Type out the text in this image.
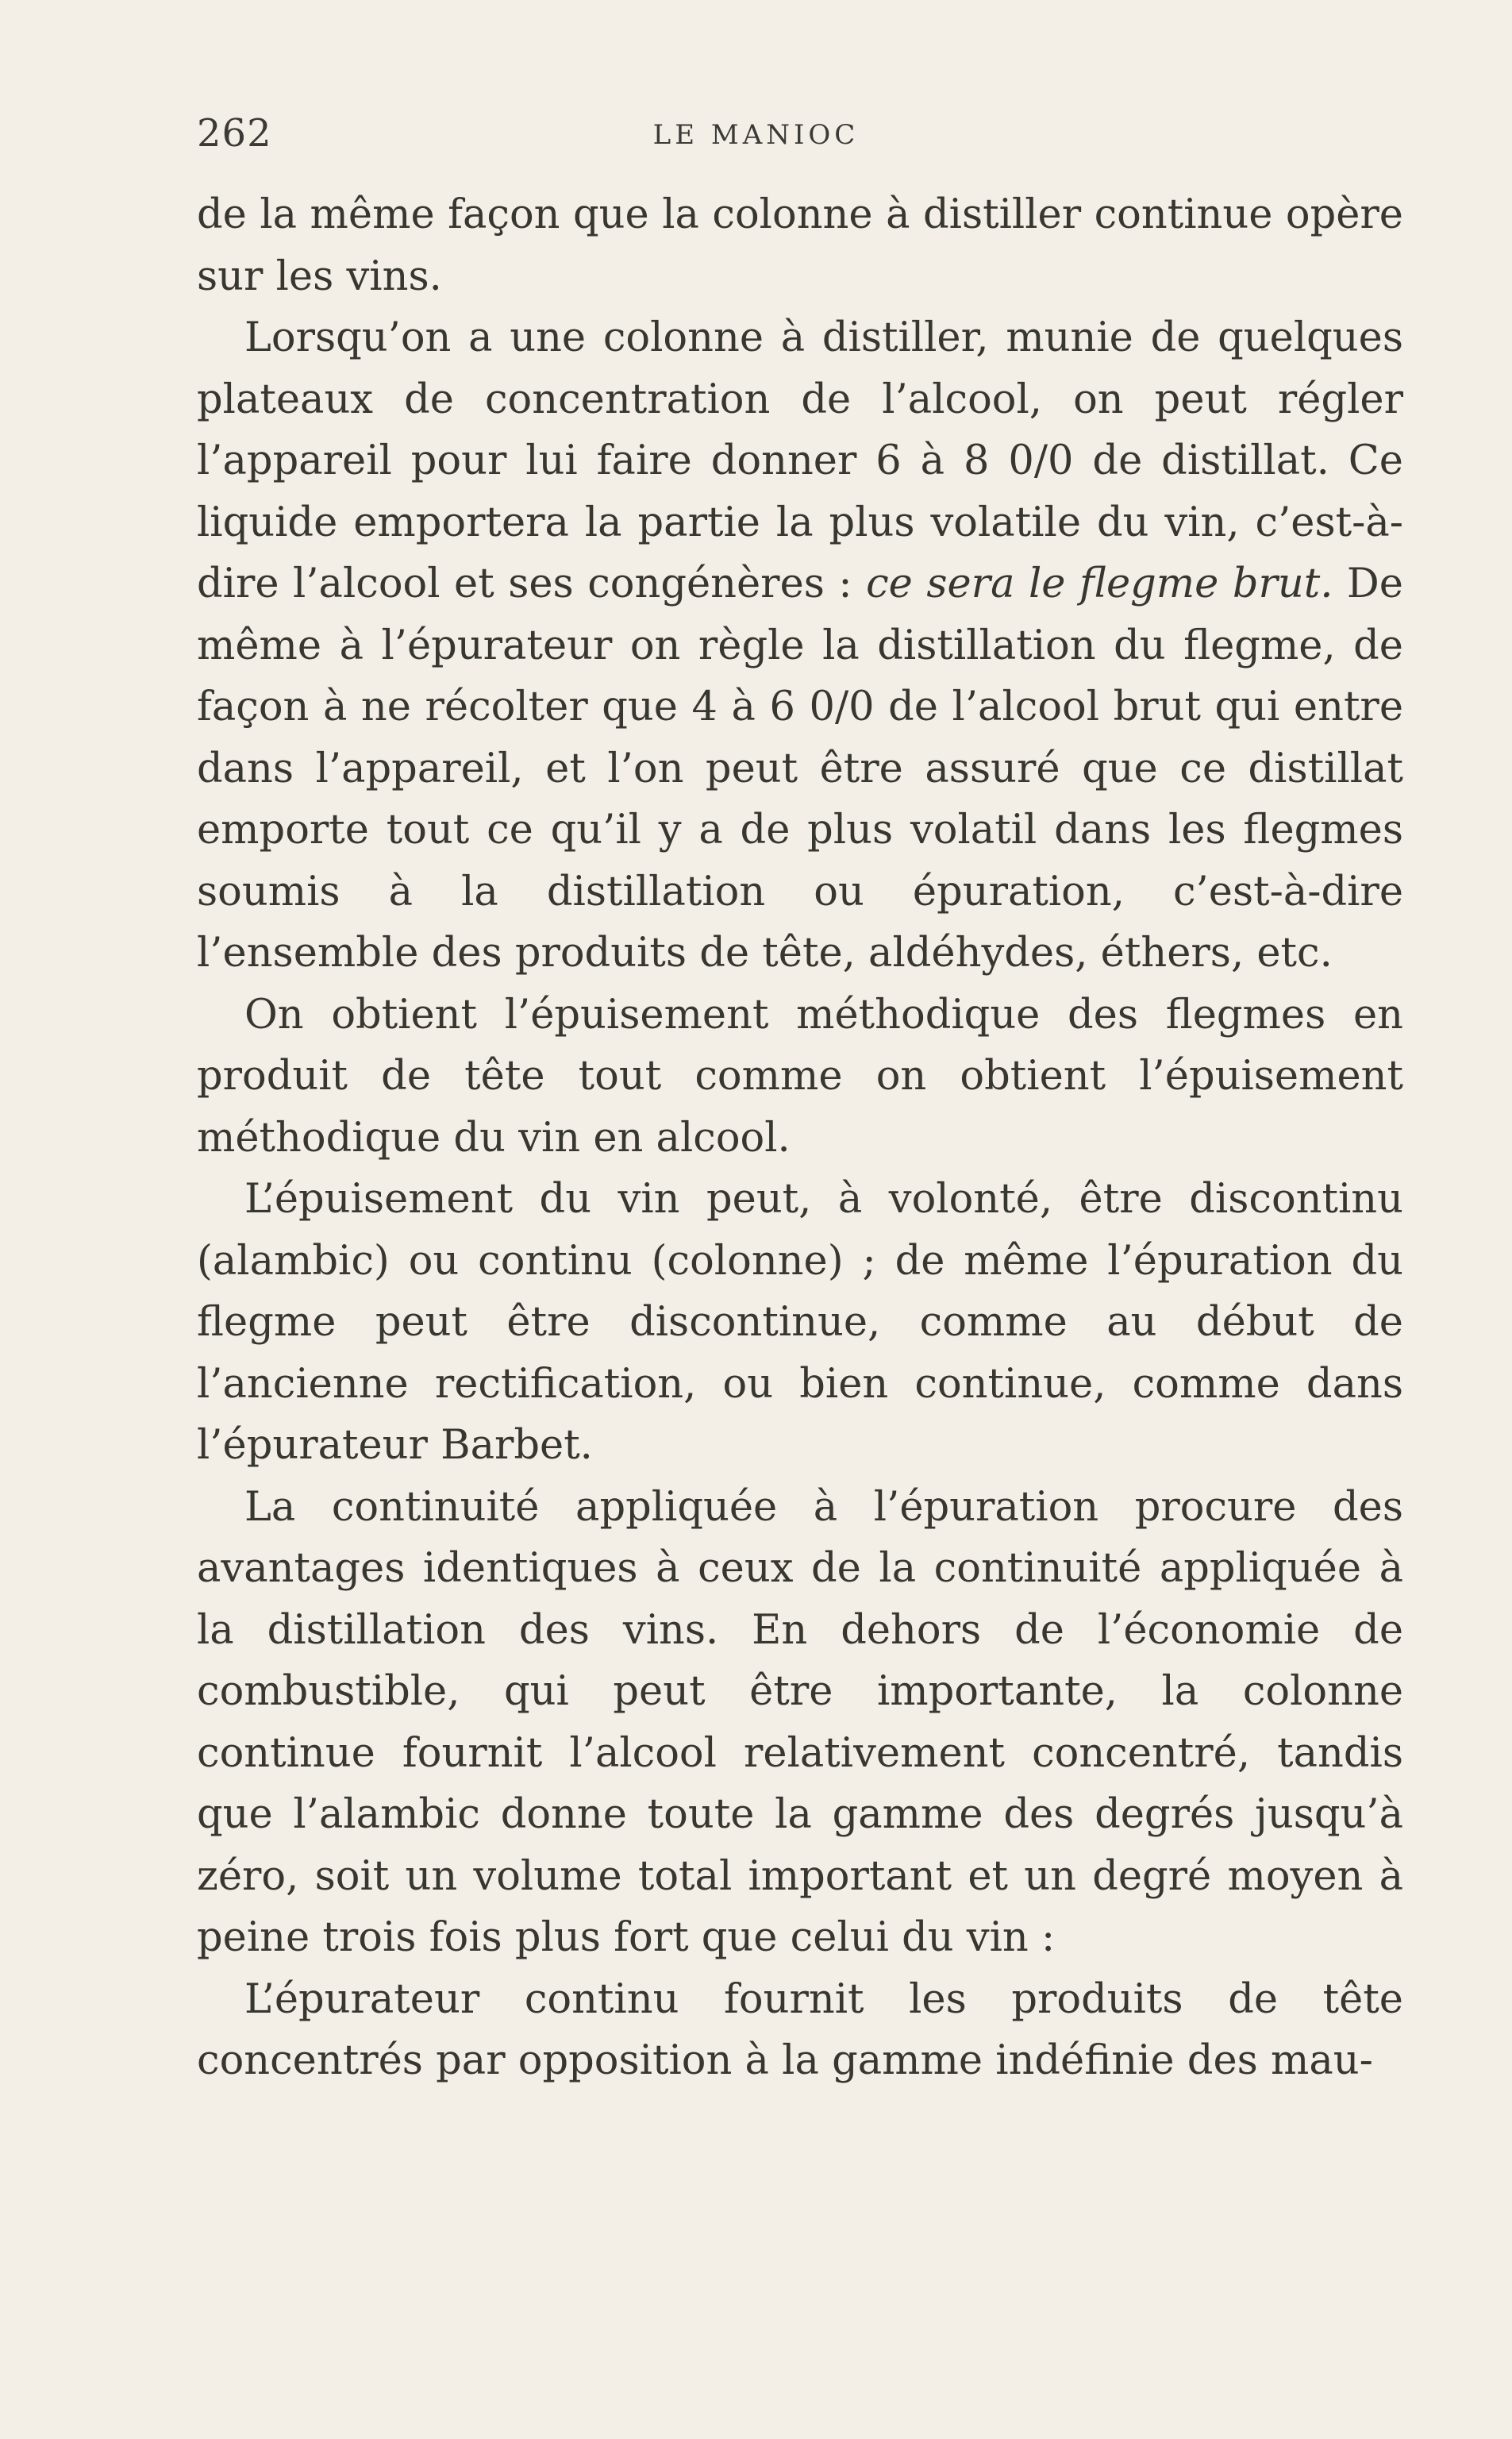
262	LE MANIOC

de la même façon que la colonne à distiller continue opère sur les vins.

Lorsqu’on a une colonne à distiller, munie de quelques plateaux de concentration de l’alcool, on peut régler l’appareil pour lui faire donner 6 à 8 0/0 de distillat. Ce liquide emportera la partie la plus volatile du vin, c’est-à-dire l’alcool et ses congénères : ce sera le flegme brut. De même à l’épurateur on règle la distillation du flegme, de façon à ne récolter que 4 à 6 0/0 de l’alcool brut qui entre dans l’appareil, et l’on peut être assuré que ce distillat emporte tout ce qu’il y a de plus volatil dans les flegmes soumis à la distillation ou épuration, c’est-à-dire l’ensemble des produits de tête, aldéhydes, éthers, etc.

On obtient l’épuisement méthodique des flegmes en produit de tête tout comme on obtient l’épuisement méthodique du vin en alcool.

L’épuisement du vin peut, à volonté, être discontinu (alambic) ou continu (colonne) ; de même l’épuration du flegme peut être discontinue, comme au début de l’ancienne rectification, ou bien continue, comme dans l’épurateur Barbet.

La continuité appliquée à l’épuration procure des avantages identiques à ceux de la continuité appliquée à la distillation des vins. En dehors de l’économie de combustible, qui peut être importante, la colonne continue fournit l’alcool relativement concentré, tandis que l’alambic donne toute la gamme des degrés jusqu’à zéro, soit un volume total important et un degré moyen à peine trois fois plus fort que celui du vin :

L’épurateur continu fournit les produits de tête concentrés par opposition à la gamme indéfinie des mau-
